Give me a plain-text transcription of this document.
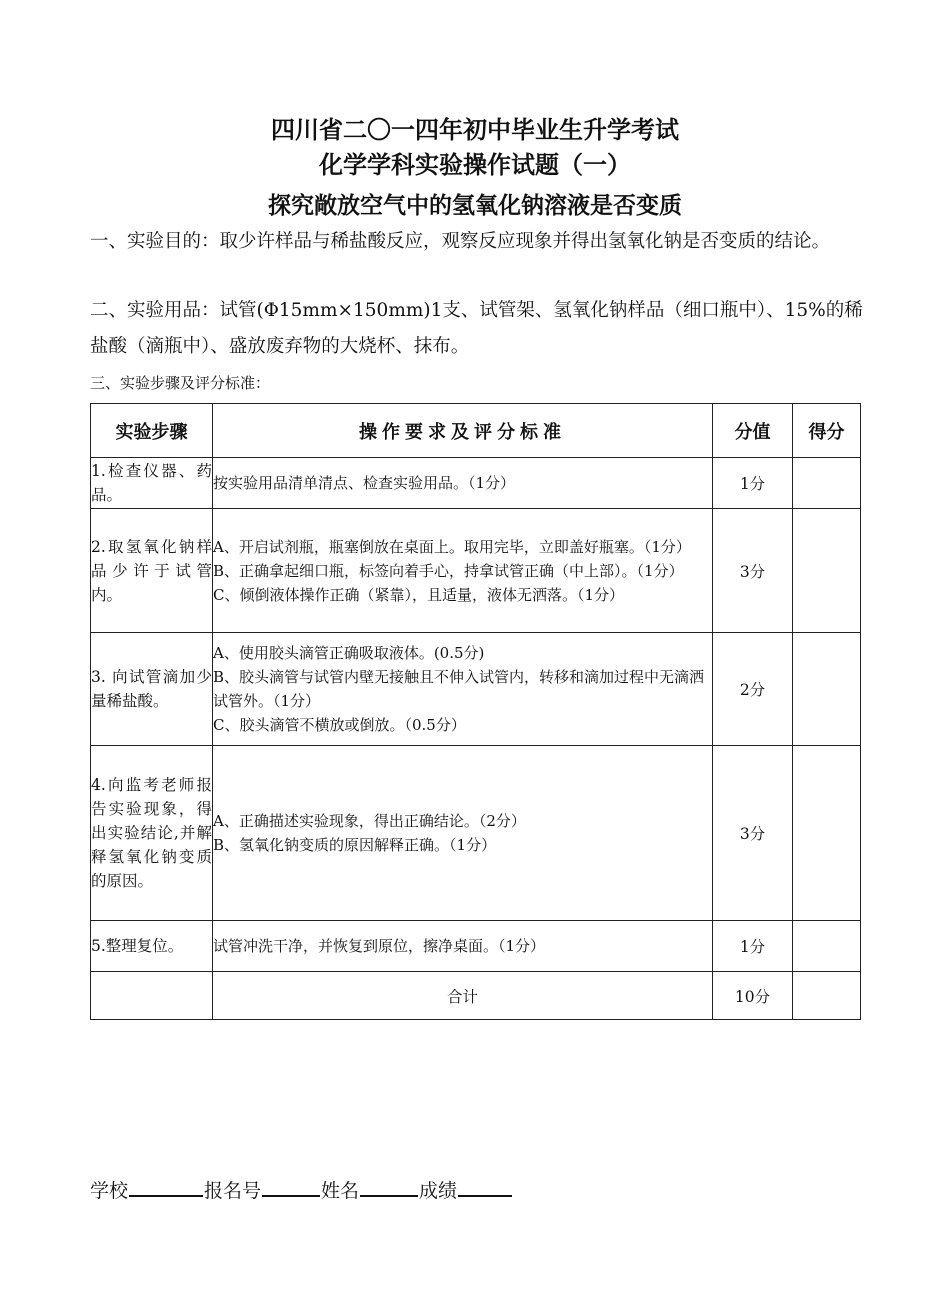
四川省二〇一四年初中毕业生升学考试
化学学科实验操作试题（一）
探究敞放空气中的氢氧化钠溶液是否变质

一、实验目的：取少许样品与稀盐酸反应，观察反应现象并得出氢氧化钠是否变质的结论。

二、实验用品：试管(Φ15mm×150mm)1支、试管架、氢氧化钠样品（细口瓶中）、15%的稀盐酸（滴瓶中）、盛放废弃物的大烧杯、抹布。

三、实验步骤及评分标准：

实验步骤	操作要求及评分标准	分值	得分
1.检查仪器、药品。	按实验用品清单清点、检查实验用品。（1分）	1分	
2.取氢氧化钠样品少许于试管内。	A、开启试剂瓶，瓶塞倒放在桌面上。取用完毕，立即盖好瓶塞。（1分）
B、正确拿起细口瓶，标签向着手心，持拿试管正确（中上部）。（1分）
C、倾倒液体操作正确（紧靠），且适量，液体无洒落。（1分）	3分	
3. 向试管滴加少量稀盐酸。	A、使用胶头滴管正确吸取液体。(0.5分)
B、胶头滴管与试管内壁无接触且不伸入试管内，转移和滴加过程中无滴洒试管外。（1分）
C、胶头滴管不横放或倒放。（0.5分）	2分	
4.向监考老师报告实验现象，得出实验结论,并解释氢氧化钠变质的原因。	A、正确描述实验现象，得出正确结论。（2分）
B、氢氧化钠变质的原因解释正确。（1分）	3分	
5.整理复位。	试管冲洗干净，并恢复到原位，擦净桌面。（1分）	1分	
	合计	10分	
学校	报名号	姓名	成绩
